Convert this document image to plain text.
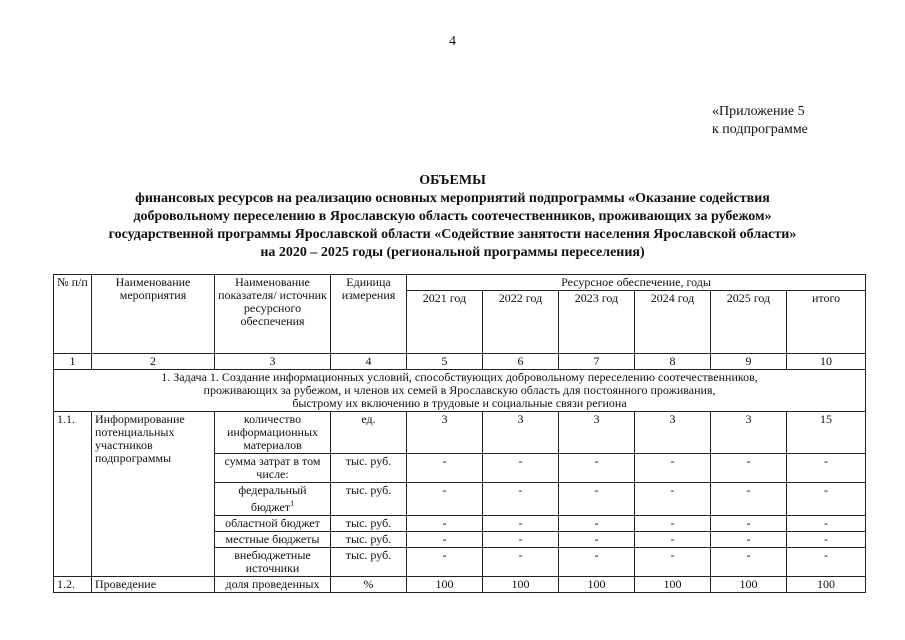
4
«Приложение 5
к подпрограмме
ОБЪЕМЫ
финансовых ресурсов на реализацию основных мероприятий подпрограммы «Оказание содействия
добровольному переселению в Ярославскую область соотечественников, проживающих за рубежом»
государственной программы Ярославской области «Содействие занятости населения Ярославской области»
на 2020 – 2025 годы (региональной программы переселения)
№ п/п	Наименование мероприятия	Наименование показателя/ источник ресурсного обеспечения	Единица измерения	Ресурсное обеспечение, годы					
				2021 год	2022 год	2023 год	2024 год	2025 год	итого
1	2	3	4	5	6	7	8	9	10

1. Задача 1. Создание информационных условий, способствующих добровольному переселению соотечественников,
проживающих за рубежом, и членов их семей в Ярославскую область для постоянного проживания,
быстрому их включению в трудовые и социальные связи региона									

1.1.	Информирование потенциальных участников подпрограммы	количество информационных материалов	ед.	3	3	3	3	3	15
		сумма затрат в том числе:	тыс. руб.	-	-	-	-	-	-
		федеральный бюджет$^1$	тыс. руб.	-	-	-	-	-	-
		областной бюджет	тыс. руб.	-	-	-	-	-	-
		местные бюджеты	тыс. руб.	-	-	-	-	-	-
		внебюджетные источники	тыс. руб.	-	-	-	-	-	-
1.2.	Проведение	доля проведенных	%	100	100	100	100	100	100
